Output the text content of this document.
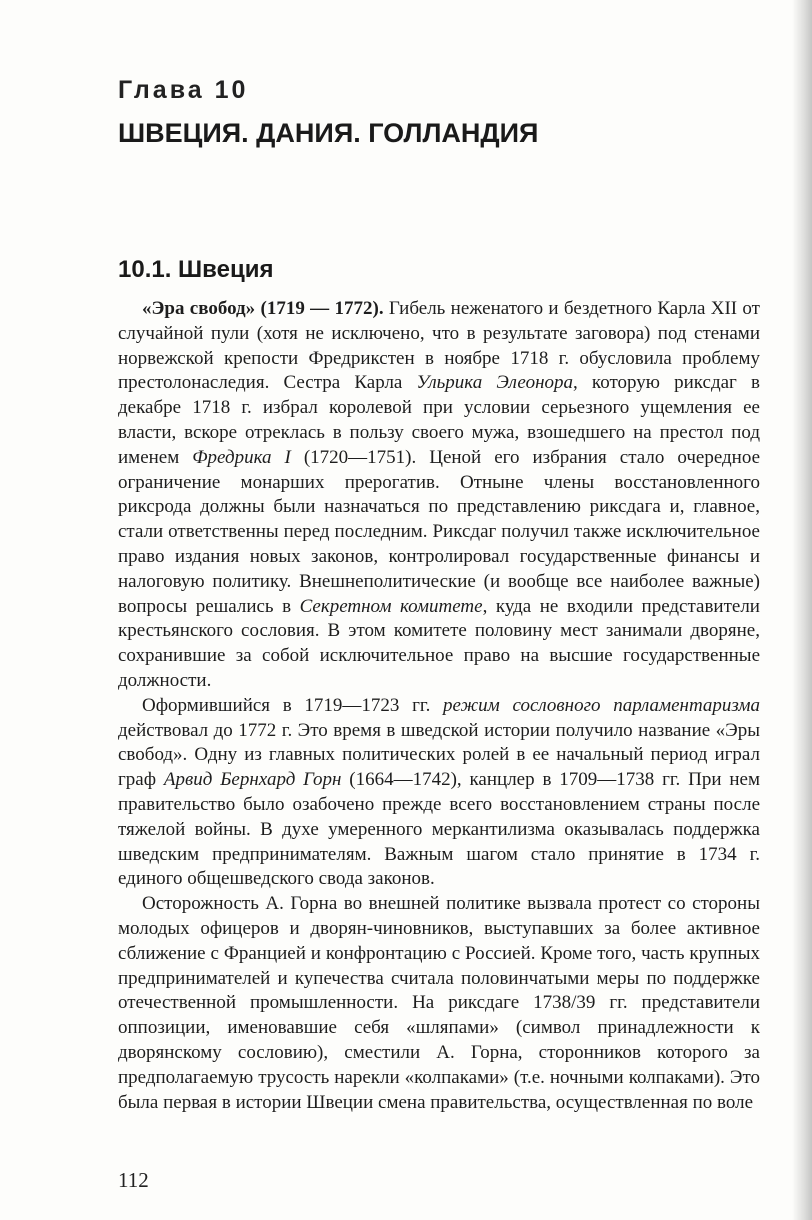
Глава 10
ШВЕЦИЯ. ДАНИЯ. ГОЛЛАНДИЯ
10.1. Швеция

«Эра свобод» (1719 — 1772). Гибель неженатого и бездетного Карла XII от случайной пули (хотя не исключено, что в результате заговора) под стенами норвежской крепости Фредрикстен в ноябре 1718 г. обусловила проблему престолонаследия. Сестра Карла Ульрика Элеонора, которую риксдаг в декабре 1718 г. избрал королевой при условии серьезного ущемления ее власти, вскоре отреклась в пользу своего мужа, взошедшего на престол под именем Фредрика I (1720—1751). Ценой его избрания стало очередное ограничение монарших прерогатив. Отныне члены восстановленного риксрода должны были назначаться по представлению риксдага и, главное, стали ответственны перед последним. Риксдаг получил также исключительное право издания новых законов, контролировал государственные финансы и налоговую политику. Внешнеполитические (и вообще все наиболее важные) вопросы решались в Секретном комитете, куда не входили представители крестьянского сословия. В этом комитете половину мест занимали дворяне, сохранившие за собой исключительное право на высшие государственные должности.

Оформившийся в 1719—1723 гг. режим сословного парламентаризма действовал до 1772 г. Это время в шведской истории получило название «Эры свобод». Одну из главных политических ролей в ее начальный период играл граф Арвид Бернхард Горн (1664—1742), канцлер в 1709—1738 гг. При нем правительство было озабочено прежде всего восстановлением страны после тяжелой войны. В духе умеренного меркантилизма оказывалась поддержка шведским предпринимателям. Важным шагом стало принятие в 1734 г. единого общешведского свода законов.

Осторожность А. Горна во внешней политике вызвала протест со стороны молодых офицеров и дворян-чиновников, выступавших за более активное сближение с Францией и конфронтацию с Россией. Кроме того, часть крупных предпринимателей и купечества считала половинчатыми меры по поддержке отечественной промышленности. На риксдаге 1738/39 гг. представители оппозиции, именовавшие себя «шляпами» (символ принадлежности к дворянскому сословию), сместили А. Горна, сторонников которого за предполагаемую трусость нарекли «колпаками» (т.е. ночными колпаками). Это была первая в истории Швеции смена правительства, осуществленная по воле

112
